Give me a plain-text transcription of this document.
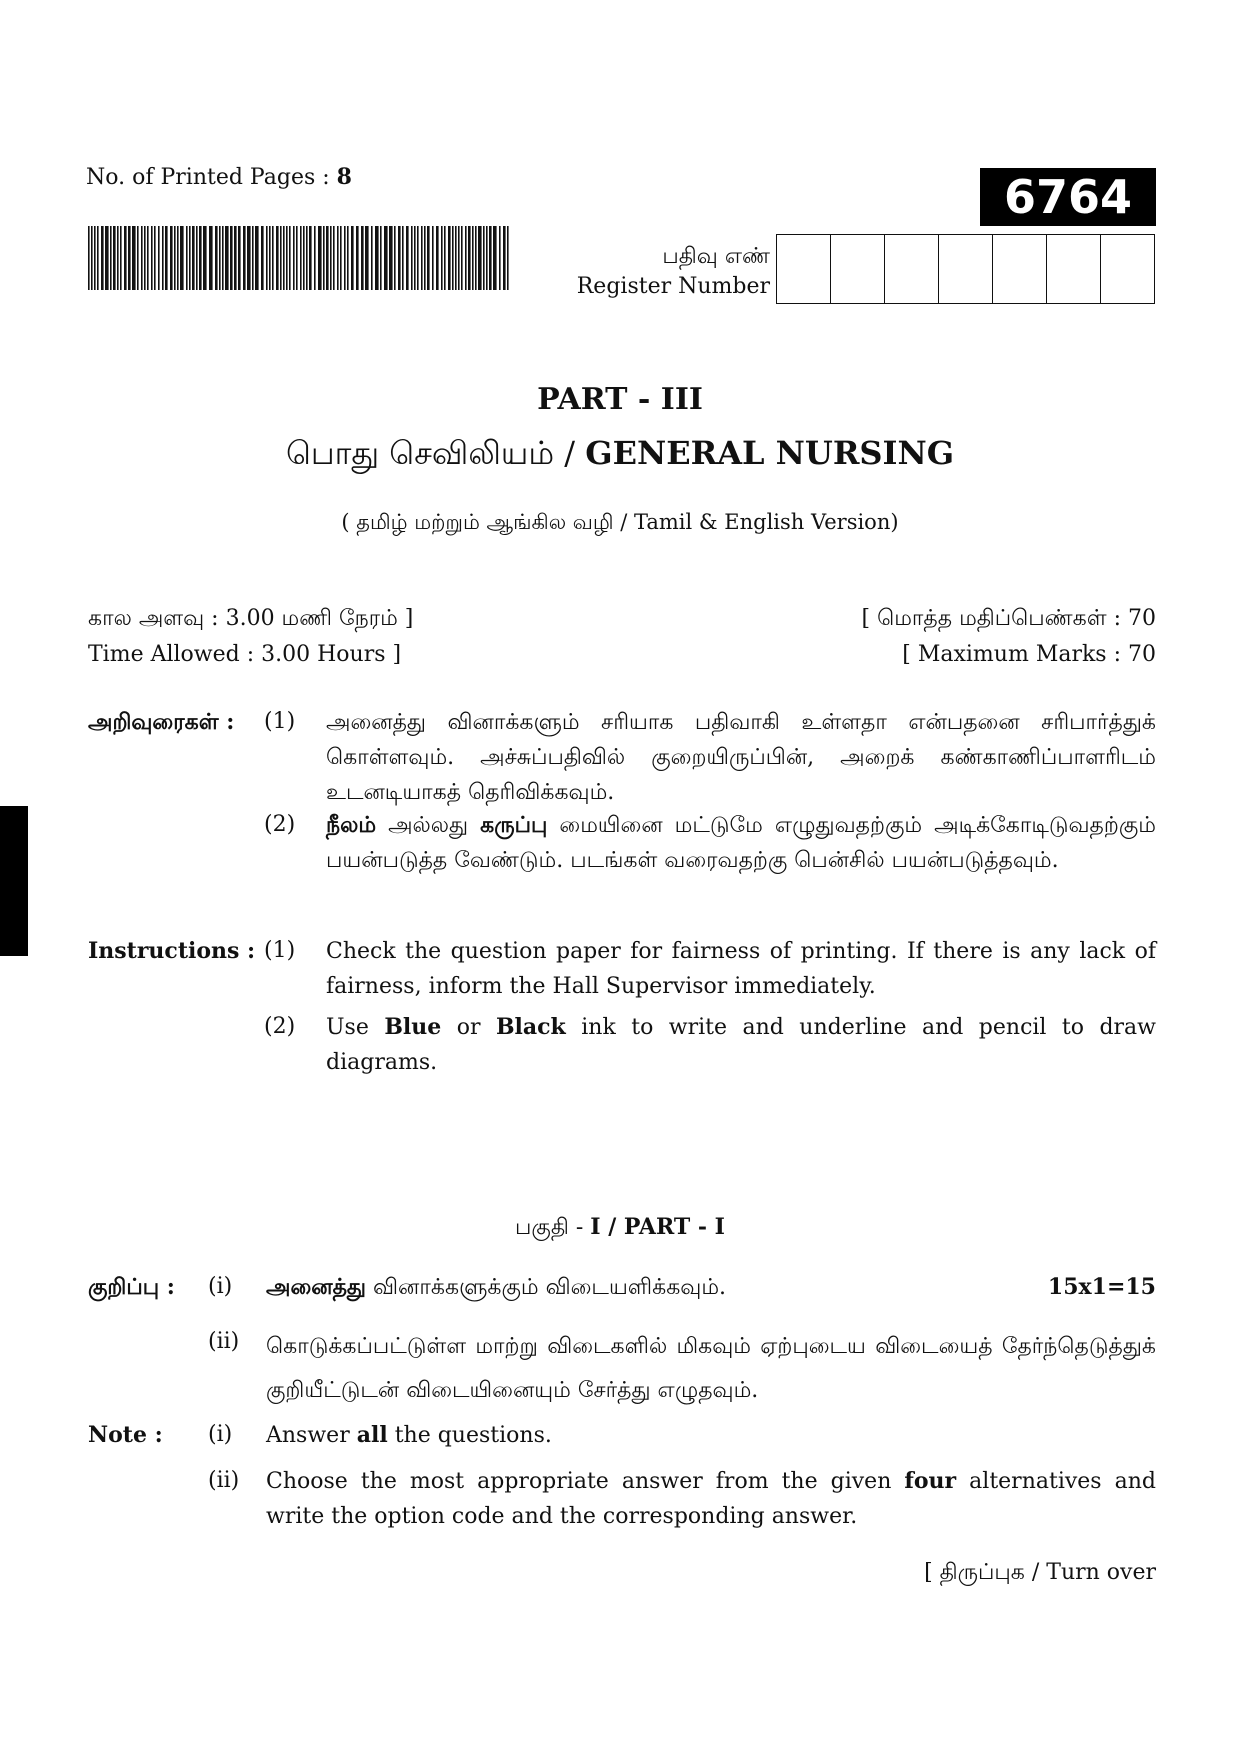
No. of Printed Pages : 8	6764
பதிவு எண்
Register Number
PART - III
பொது செவிலியம் / GENERAL NURSING
( தமிழ் மற்றும் ஆங்கில வழி / Tamil & English Version)
கால அளவு : 3.00 மணி நேரம் ]
Time Allowed : 3.00 Hours ]
[ மொத்த மதிப்பெண்கள் : 70
[ Maximum Marks : 70
அறிவுரைகள் : (1) அனைத்து வினாக்களும் சரியாக பதிவாகி உள்ளதா என்பதனை சரிபார்த்துக் கொள்ளவும். அச்சுப்பதிவில் குறையிருப்பின், அறைக் கண்காணிப்பாளரிடம் உடனடியாகத் தெரிவிக்கவும்.
(2) நீலம் அல்லது கருப்பு மையினை மட்டுமே எழுதுவதற்கும் அடிக்கோடிடுவதற்கும் பயன்படுத்த வேண்டும். படங்கள் வரைவதற்கு பென்சில் பயன்படுத்தவும்.
Instructions : (1) Check the question paper for fairness of printing. If there is any lack of fairness, inform the Hall Supervisor immediately.
(2) Use Blue or Black ink to write and underline and pencil to draw diagrams.
பகுதி - I / PART - I
குறிப்பு : (i) அனைத்து வினாக்களுக்கும் விடையளிக்கவும்.	15x1=15
(ii) கொடுக்கப்பட்டுள்ள மாற்று விடைகளில் மிகவும் ஏற்புடைய விடையைத் தேர்ந்தெடுத்துக் குறியீட்டுடன் விடையினையும் சேர்த்து எழுதவும்.
Note : (i) Answer all the questions.
(ii) Choose the most appropriate answer from the given four alternatives and write the option code and the corresponding answer.
[ திருப்புக / Turn over
